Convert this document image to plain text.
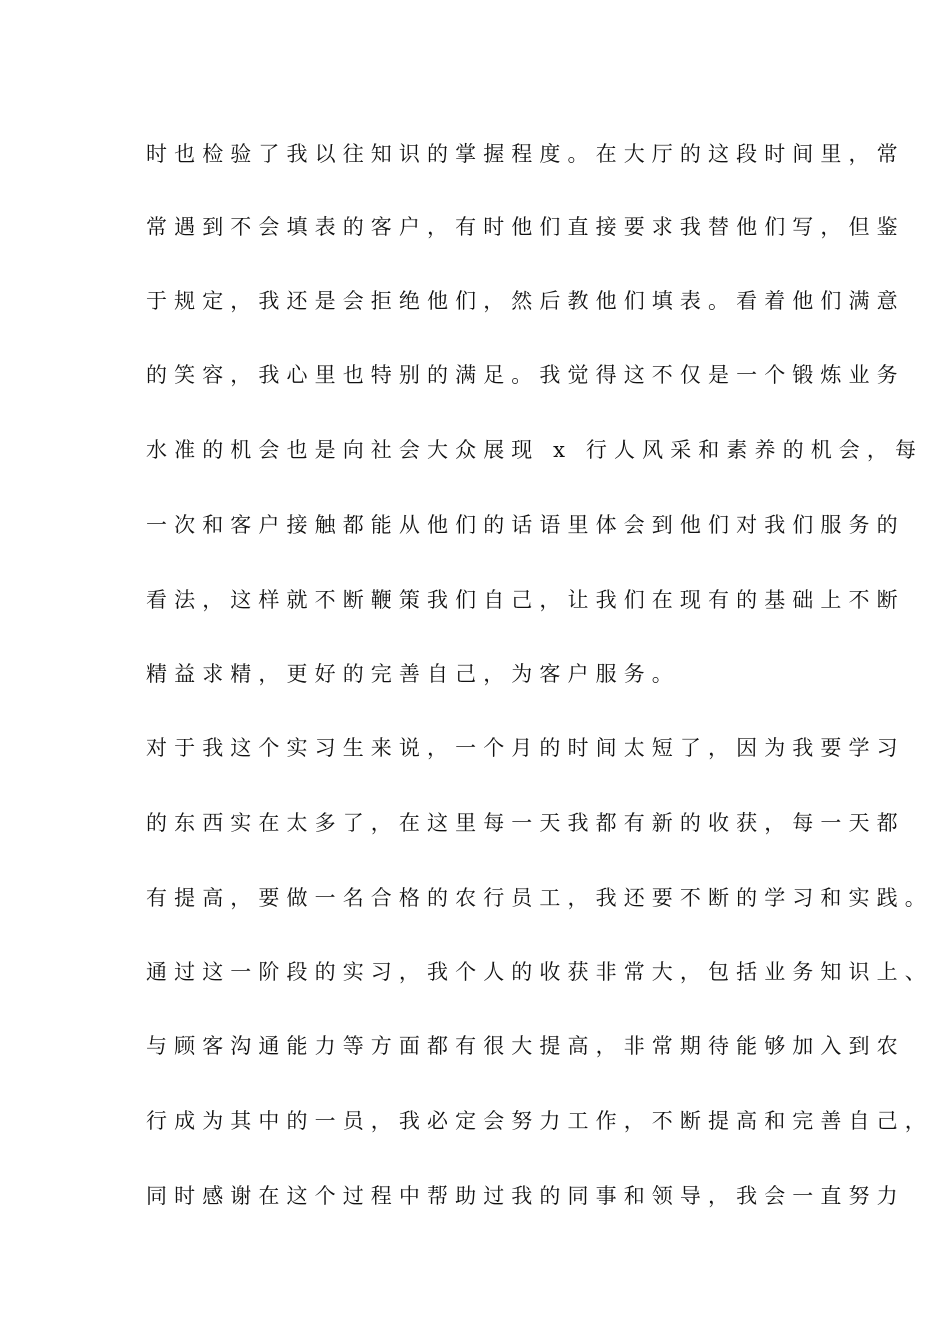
时也检验了我以往知识的掌握程度。在大厅的这段时间里，常
常遇到不会填表的客户，有时他们直接要求我替他们写，但鉴
于规定，我还是会拒绝他们，然后教他们填表。看着他们满意
的笑容，我心里也特别的满足。我觉得这不仅是一个锻炼业务
水准的机会也是向社会大众展现 x 行人风采和素养的机会，每
一次和客户接触都能从他们的话语里体会到他们对我们服务的
看法，这样就不断鞭策我们自己，让我们在现有的基础上不断
精益求精，更好的完善自己，为客户服务。
对于我这个实习生来说，一个月的时间太短了，因为我要学习
的东西实在太多了，在这里每一天我都有新的收获，每一天都
有提高，要做一名合格的农行员工，我还要不断的学习和实践。
通过这一阶段的实习，我个人的收获非常大，包括业务知识上、
与顾客沟通能力等方面都有很大提高，非常期待能够加入到农
行成为其中的一员，我必定会努力工作，不断提高和完善自己，
同时感谢在这个过程中帮助过我的同事和领导，我会一直努力
